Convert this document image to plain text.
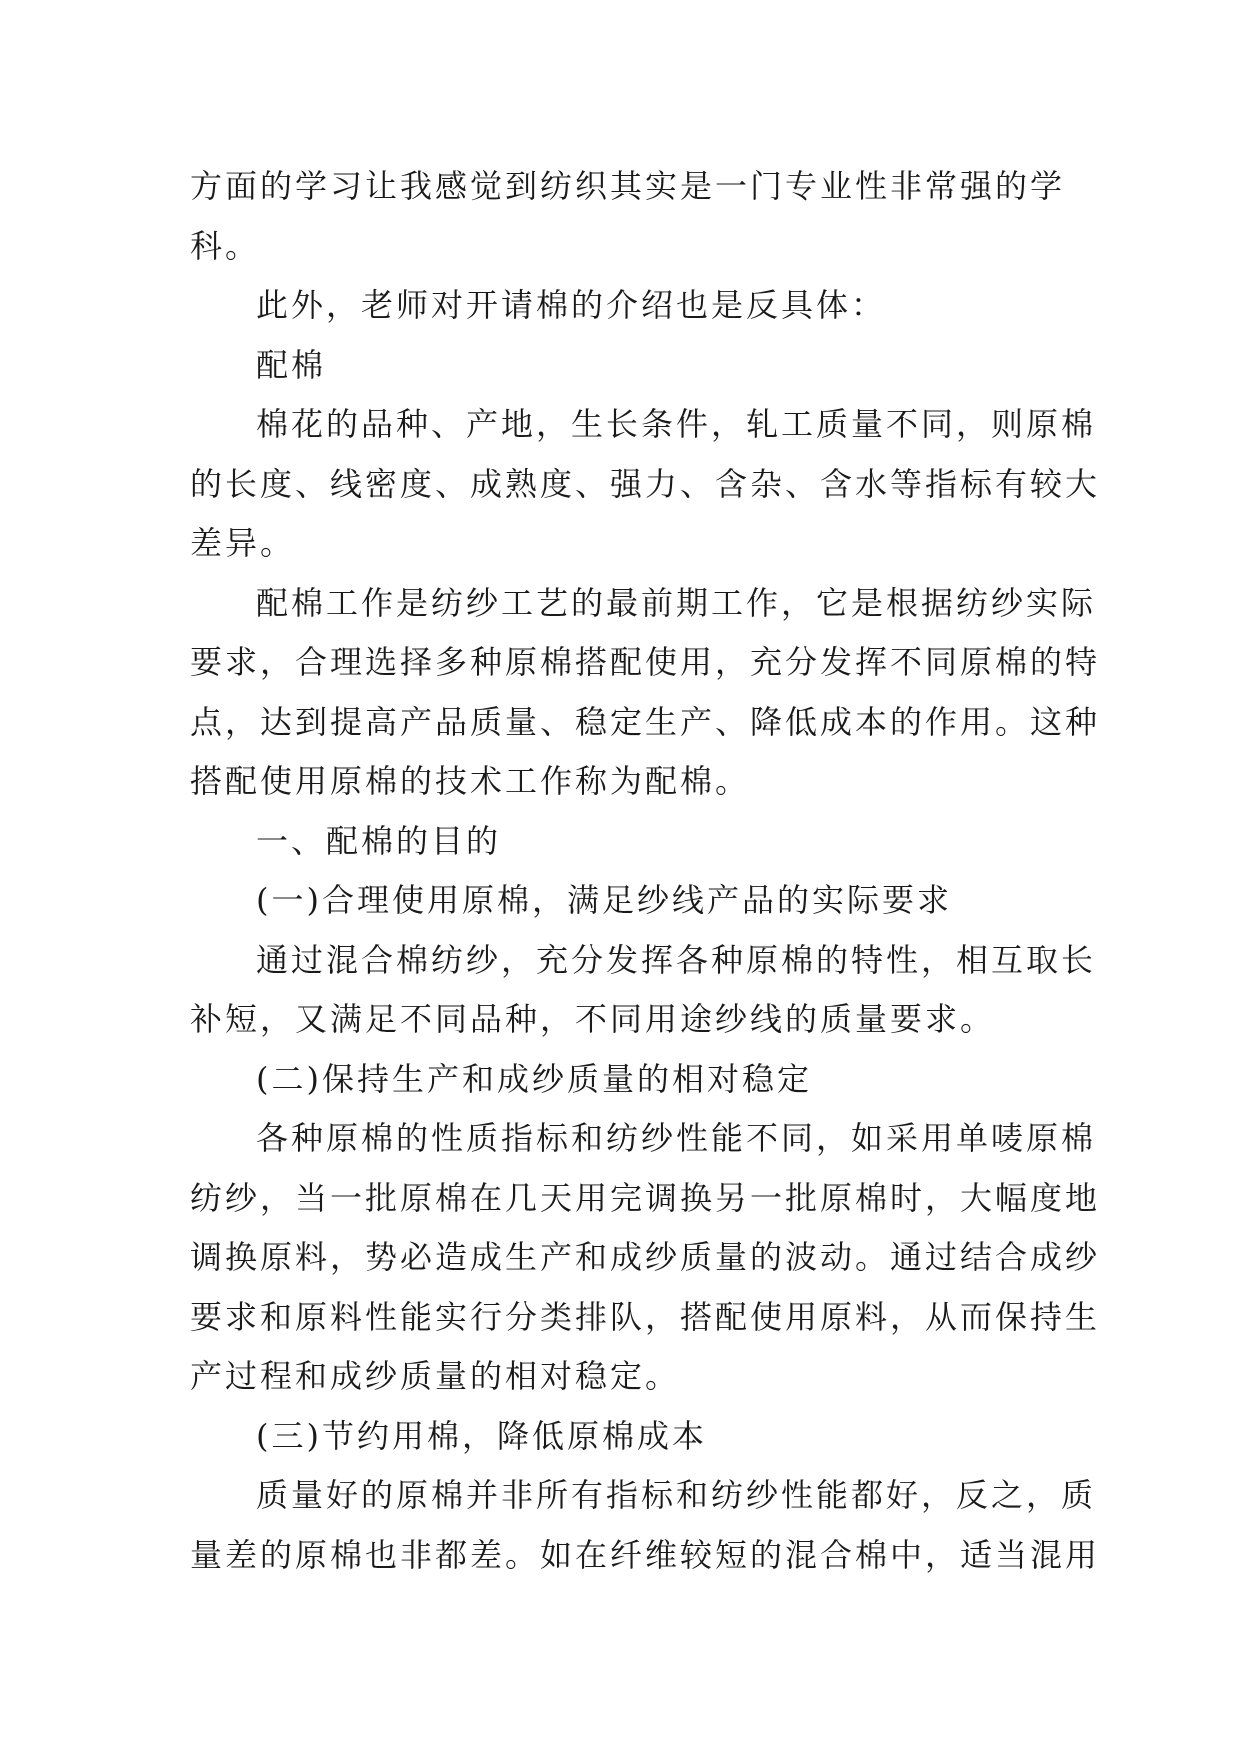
方面的学习让我感觉到纺织其实是一门专业性非常强的学
科。
此外，老师对开请棉的介绍也是反具体：
配棉
棉花的品种、产地，生长条件，轧工质量不同，则原棉
的长度、线密度、成熟度、强力、含杂、含水等指标有较大
差异。
配棉工作是纺纱工艺的最前期工作，它是根据纺纱实际
要求，合理选择多种原棉搭配使用，充分发挥不同原棉的特
点，达到提高产品质量、稳定生产、降低成本的作用。这种
搭配使用原棉的技术工作称为配棉。
一、配棉的目的
(一)合理使用原棉，满足纱线产品的实际要求
通过混合棉纺纱，充分发挥各种原棉的特性，相互取长
补短，又满足不同品种，不同用途纱线的质量要求。
(二)保持生产和成纱质量的相对稳定
各种原棉的性质指标和纺纱性能不同，如采用单唛原棉
纺纱，当一批原棉在几天用完调换另一批原棉时，大幅度地
调换原料，势必造成生产和成纱质量的波动。通过结合成纱
要求和原料性能实行分类排队，搭配使用原料，从而保持生
产过程和成纱质量的相对稳定。
(三)节约用棉，降低原棉成本
质量好的原棉并非所有指标和纺纱性能都好，反之，质
量差的原棉也非都差。如在纤维较短的混合棉中，适当混用
